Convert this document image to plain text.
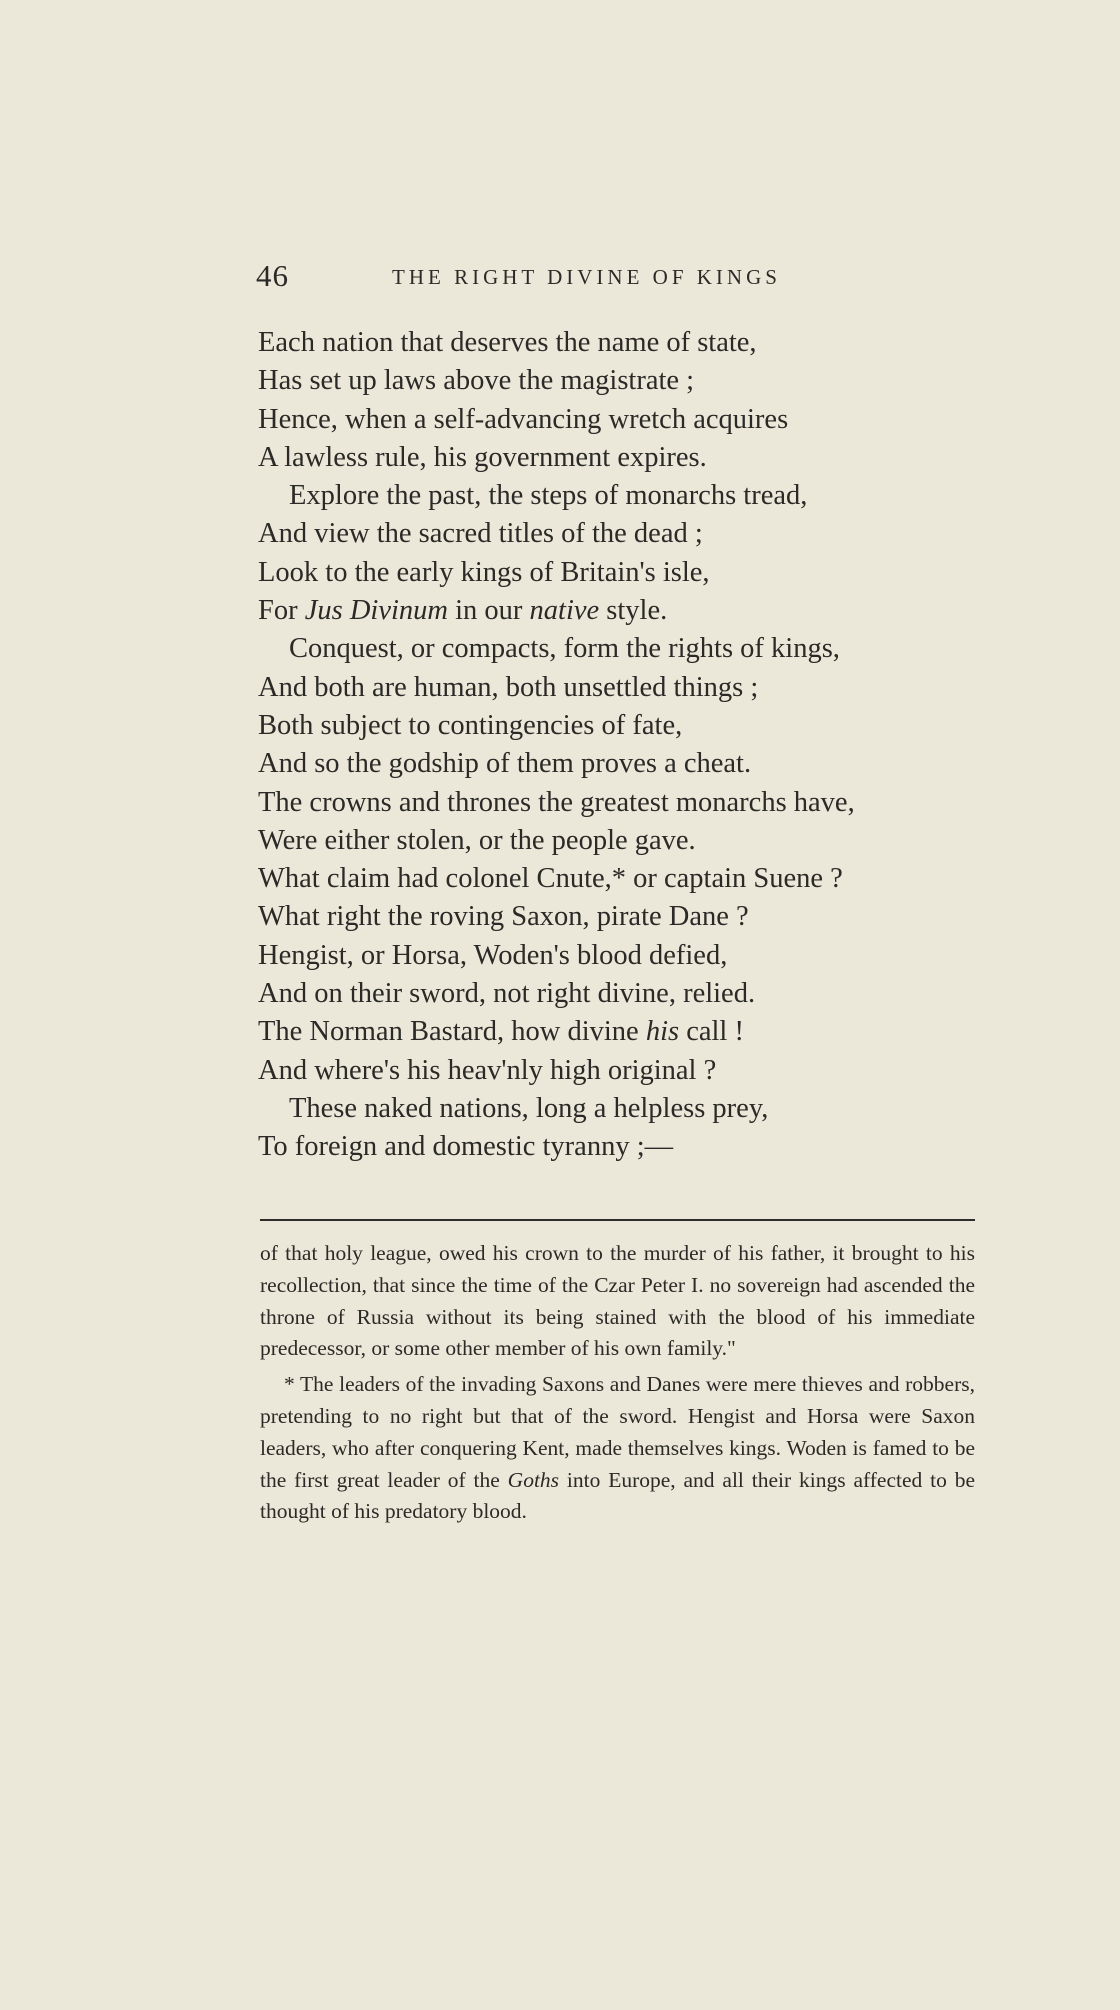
46	THE RIGHT DIVINE OF KINGS
Each nation that deserves the name of state,
Has set up laws above the magistrate ;
Hence, when a self-advancing wretch acquires
A lawless rule, his government expires.
Explore the past, the steps of monarchs tread,
And view the sacred titles of the dead ;
Look to the early kings of Britain's isle,
For Jus Divinum in our native style.
Conquest, or compacts, form the rights of kings,
And both are human, both unsettled things ;
Both subject to contingencies of fate,
And so the godship of them proves a cheat.
The crowns and thrones the greatest monarchs have,
Were either stolen, or the people gave.
What claim had colonel Cnute,* or captain Suene ?
What right the roving Saxon, pirate Dane ?
Hengist, or Horsa, Woden's blood defied,
And on their sword, not right divine, relied.
The Norman Bastard, how divine his call !
And where's his heav'nly high original ?
These naked nations, long a helpless prey,
To foreign and domestic tyranny ;—

of that holy league, owed his crown to the murder of his father, it brought to his recollection, that since the time of the Czar Peter I. no sovereign had ascended the throne of Russia without its being stained with the blood of his immediate predecessor, or some other member of his own family."

* The leaders of the invading Saxons and Danes were mere thieves and robbers, pretending to no right but that of the sword. Hengist and Horsa were Saxon leaders, who after conquering Kent, made themselves kings. Woden is famed to be the first great leader of the Goths into Europe, and all their kings affected to be thought of his predatory blood.
